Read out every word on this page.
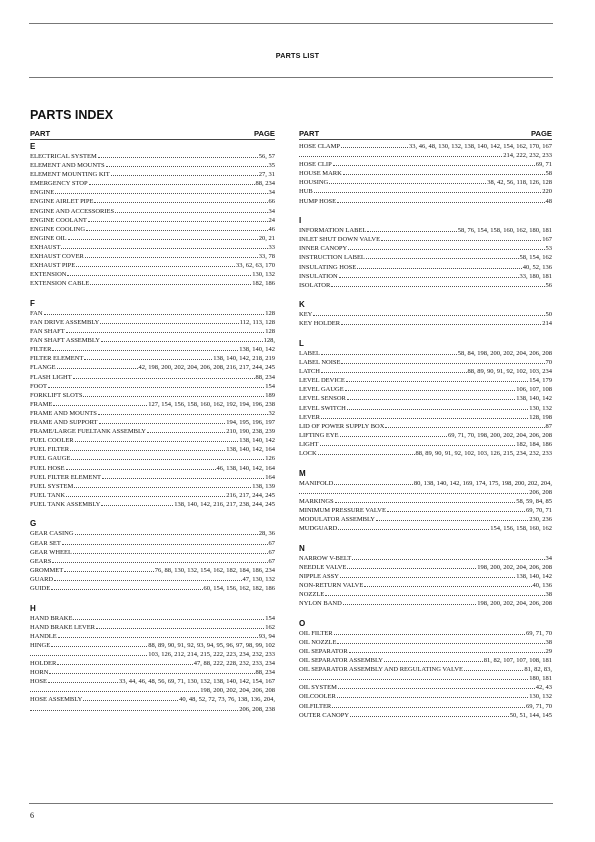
PARTS LIST
PARTS INDEX
PART	PAGE
E
ELECTRICAL SYSTEM	56, 57
ELEMENT AND MOUNTS	35
ELEMENT MOUNTING KIT	27, 31
EMERGENCY STOP	88, 234
ENGINE	34
ENGINE AIRLET PIPE	66
ENGINE AND ACCESSORIES	34
ENGINE COOLANT	24
ENGINE COOLING	46
ENGINE OIL	20, 21
EXHAUST	33
EXHAUST COVER	33, 78
EXHAUST PIPE	33, 62, 63, 170
EXTENSION	130, 132
EXTENSION CABLE	182, 186
F
FAN	128
FAN DRIVE ASSEMBLY	112, 113, 128
FAN SHAFT	128
FAN SHAFT ASSEMBLY	128,
FILTER	138, 140, 142
FILTER ELEMENT	138, 140, 142, 218, 219
FLANGE	42, 198, 200, 202, 204, 206, 208, 216, 217, 244, 245
FLASH LIGHT	88, 234
FOOT	154
FORKLIFT SLOTS	189
FRAME	127, 154, 156, 158, 160, 162, 192, 194, 196, 238
FRAME AND MOUNTS	32
FRAME AND SUPPORT	194, 195, 196, 197
FRAME/LARGE FUELTANK ASSEMBLY	210, 190, 238, 239
FUEL COOLER	138, 140, 142
FUEL FILTER	138, 140, 142, 164
FUEL GAUGE	126
FUEL HOSE	46, 138, 140, 142, 164
FUEL FILTER ELEMENT	164
FUEL SYSTEM	138, 139
FUEL TANK	216, 217, 244, 245
FUEL TANK ASSEMBLY	138, 140, 142, 216, 217, 238, 244, 245
G
GEAR CASING	28, 36
GEAR SET	67
GEAR WHEEL	67
GEARS	67
GROMMET	76, 88, 130, 132, 154, 162, 182, 184, 186, 234
GUARD	47, 130, 132
GUIDE	60, 154, 156, 162, 182, 186
H
HAND BRAKE	154
HAND BRAKE LEVER	162
HANDLE	93, 94
HINGE	88, 89, 90, 91, 92, 93, 94, 95, 96, 97, 98, 99, 102
103, 126, 212, 214, 215, 222, 223, 234, 232, 233
HOLDER	47, 88, 222, 228, 232, 233, 234
HORN	88, 234
HOSE	33, 44, 46, 48, 56, 69, 71, 130, 132, 138, 140, 142, 154, 167
198, 200, 202, 204, 206, 208
HOSE ASSEMBLY	40, 48, 52, 72, 73, 76, 138, 136, 204,
206, 208, 238
PART	PAGE
HOSE CLAMP	33, 46, 48, 130, 132, 138, 140, 142, 154, 162, 170, 167
214, 222, 232, 233
HOSE CLIP	69, 71
HOUSE MARK	58
HOUSING	38, 42, 56, 118, 126, 128
HUB	220
HUMP HOSE	48
I
INFORMATION LABEL	58, 76, 154, 158, 160, 162, 180, 181
INLET SHUT DOWN VALVE	167
INNER CANOPY	53
INSTRUCTION LABEL	58, 154, 162
INSULATING HOSE	40, 52, 136
INSULATION	33, 180, 181
ISOLATOR	56
K
KEY	50
KEY HOLDER	214
L
LABEL	58, 84, 198, 200, 202, 204, 206, 208
LABEL NOISE	70
LATCH	88, 89, 90, 91, 92, 102, 103, 234
LEVEL DEVICE	154, 179
LEVEL GAUGE	106, 107, 108
LEVEL SENSOR	138, 140, 142
LEVEL SWITCH	130, 132
LEVER	128, 198
LID OF POWER SUPPLY BOX	87
LIFTING EYE	69, 71, 70, 198, 200, 202, 204, 206, 208
LIGHT	182, 184, 186
LOCK	88, 89, 90, 91, 92, 102, 103, 126, 215, 234, 232, 233
M
MANIFOLD	80, 138, 140, 142, 169, 174, 175, 198, 200, 202, 204,
206, 208
MARKINGS	58, 59, 84, 85
MINIMUM PRESSURE VALVE	69, 70, 71
MODULATOR ASSEMBLY	230, 236
MUDGUARD	154, 156, 158, 160, 162
N
NARROW V-BELT	34
NEEDLE VALVE	198, 200, 202, 204, 206, 208
NIPPLE ASSY	138, 140, 142
NON-RETURN VALVE	40, 136
NOZZLE	38
NYLON BAND	198, 200, 202, 204, 206, 208
O
OIL FILTER	69, 71, 70
OIL NOZZLE	38
OIL SEPARATOR	29
OIL SEPARATOR ASSEMBLY	81, 82, 107, 107, 108, 181
OIL SEPARATOR ASSEMBLY AND REGULATING VALVE	81, 82, 83,
180, 181
OIL SYSTEM	42, 43
OILCOOLER	130, 132
OILFILTER	69, 71, 70
OUTER CANOPY	50, 51, 144, 145
6
